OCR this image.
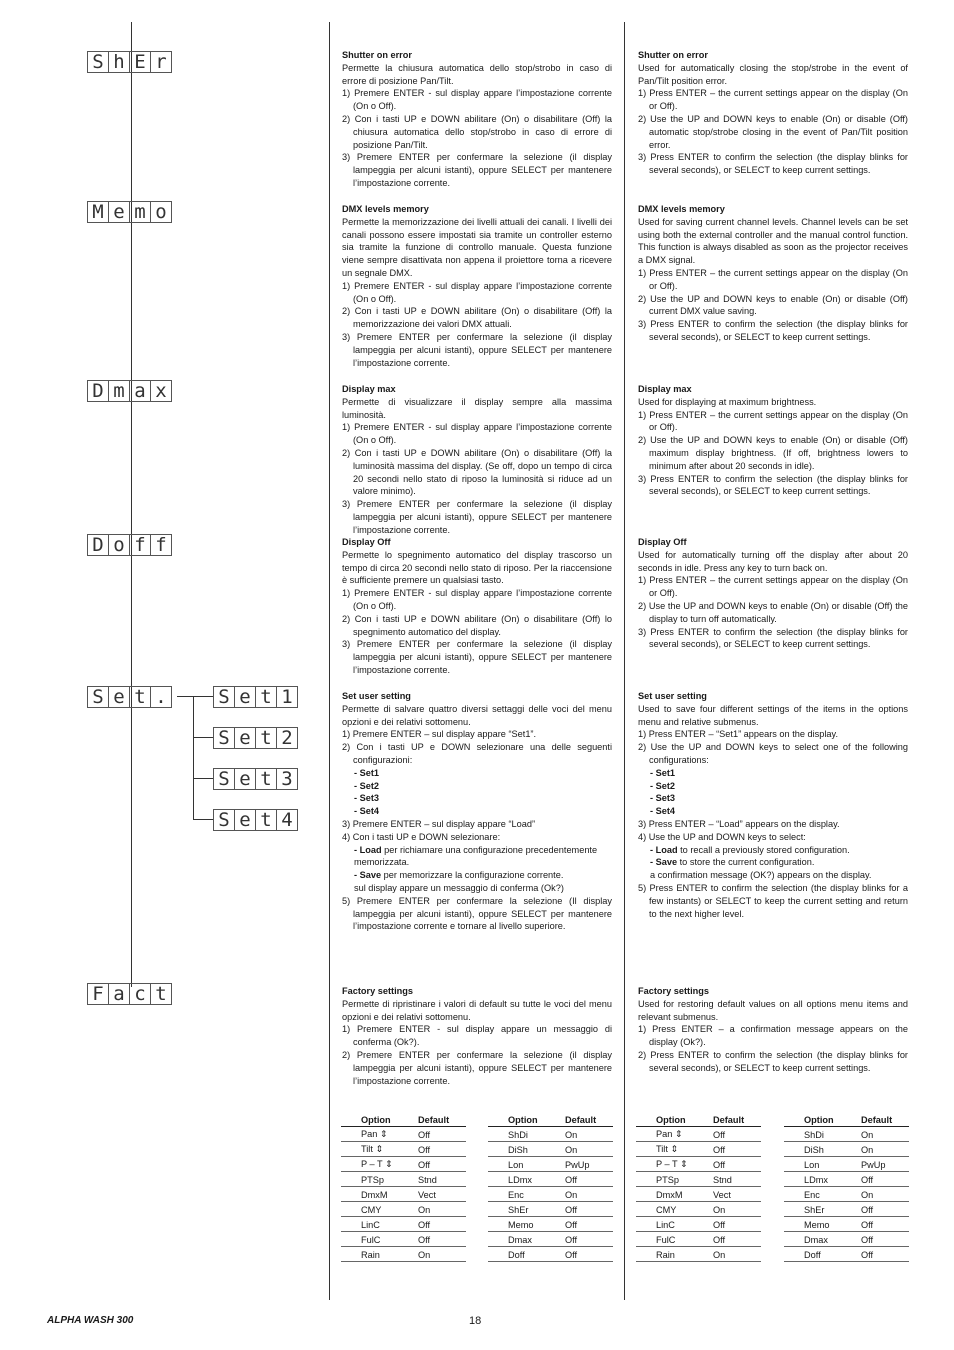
S h E r
M e m o
D m a x
D o f f
S e t .	S e t 1
S e t 2
S e t 3
S e t 4
F a c t
Shutter on error

Permette la chiusura automatica dello stop/strobo in caso di errore di posizione Pan/Tilt.

1) Premere ENTER - sul display appare l’impostazione corrente (On o Off).
2) Con i tasti UP e DOWN abilitare (On) o disabilitare (Off) la chiusura automatica dello stop/strobo in caso di errore di posizione Pan/Tilt.
3) Premere ENTER per confermare la selezione (il display lampeggia per alcuni istanti), oppure SELECT per mantenere l’impostazione corrente.
DMX levels memory

Permette la memorizzazione dei livelli attuali dei canali. I livelli dei canali possono essere impostati sia tramite un controller esterno sia tramite la funzione di controllo manuale. Questa funzione viene sempre disattivata non appena il proiettore torna a ricevere un segnale DMX.

1) Premere ENTER - sul display appare l’impostazione corrente (On o Off).
2) Con i tasti UP e DOWN abilitare (On) o disabilitare (Off) la memorizzazione dei valori DMX attuali.
3) Premere ENTER per confermare la selezione (il display lampeggia per alcuni istanti), oppure SELECT per mantenere l’impostazione corrente.
Display max

Permette di visualizzare il display sempre alla massima luminosità.

1) Premere ENTER - sul display appare l’impostazione corrente (On o Off).
2) Con i tasti UP e DOWN abilitare (On) o disabilitare (Off) la luminosità massima del display. (Se off, dopo un tempo di circa 20 secondi nello stato di riposo la luminosità si riduce ad un valore minimo).
3) Premere ENTER per confermare la selezione (il display lampeggia per alcuni istanti), oppure SELECT per mantenere l’impostazione corrente.
Display Off

Permette lo spegnimento automatico del display trascorso un tempo di circa 20 secondi nello stato di riposo. Per la riaccensione è sufficiente premere un qualsiasi tasto.

1) Premere ENTER - sul display appare l’impostazione corrente (On o Off).
2) Con i tasti UP e DOWN abilitare (On) o disabilitare (Off) lo spegnimento automatico del display.
3) Premere ENTER per confermare la selezione (il display lampeggia per alcuni istanti), oppure SELECT per mantenere l’impostazione corrente.
Set user setting

Permette di salvare quattro diversi settaggi delle voci del menu opzioni e dei relativi sottomenu.

1) Premere ENTER – sul display appare “Set1”.
2) Con i tasti UP e DOWN selezionare una delle seguenti configurazioni:
- Set1
- Set2
- Set3
- Set4
3) Premere ENTER – sul display appare “Load”
4) Con i tasti UP e DOWN selezionare:
- Load per richiamare una configurazione precedentemente memorizzata.
- Save per memorizzare la configurazione corrente.
sul display appare un messaggio di conferma (Ok?)
5) Premere ENTER per confermare la selezione (Il display lampeggia per alcuni istanti), oppure SELECT per mantenere l’impostazione corrente e tornare al livello superiore.
Factory settings

Permette di ripristinare i valori di default su tutte le voci del menu opzioni e dei relativi sottomenu.

1) Premere ENTER - sul display appare un messaggio di conferma (Ok?).
2) Premere ENTER per confermare la selezione (il display lampeggia per alcuni istanti), oppure SELECT per mantenere l’impostazione corrente.
Shutter on error

Used for automatically closing the stop/strobe in the event of Pan/Tilt position error.

1) Press ENTER – the current settings appear on the display (On or Off).
2) Use the UP and DOWN keys to enable (On) or disable (Off) automatic stop/strobe closing in the event of Pan/Tilt position error.
3) Press ENTER to confirm the selection (the display blinks for several seconds), or SELECT to keep current settings.
DMX levels memory

Used for saving current channel levels. Channel levels can be set using both the external controller and the manual control function. This function is always disabled as soon as the projector receives a DMX signal.

1) Press ENTER – the current settings appear on the display (On or Off).
2) Use the UP and DOWN keys to enable (On) or disable (Off) current DMX value saving.
3) Press ENTER to confirm the selection (the display blinks for several seconds), or SELECT to keep current settings.
Display max

Used for displaying at maximum brightness.

1) Press ENTER – the current settings appear on the display (On or Off).
2) Use the UP and DOWN keys to enable (On) or disable (Off) maximum display brightness. (If off, brightness lowers to minimum after about 20 seconds in idle).
3) Press ENTER to confirm the selection (the display blinks for several seconds), or SELECT to keep current settings.
Display Off

Used for automatically turning off the display after about 20 seconds in idle. Press any key to turn back on.

1) Press ENTER – the current settings appear on the display (On or Off).
2) Use the UP and DOWN keys to enable (On) or disable (Off) the display to turn off automatically.
3) Press ENTER to confirm the selection (the display blinks for several seconds), or SELECT to keep current settings.
Set user setting

Used to save four different settings of the items in the options menu and relative submenus.

1) Press ENTER – “Set1” appears on the display.
2) Use the UP and DOWN keys to select one of the following configurations:
- Set1
- Set2
- Set3
- Set4
3) Press ENTER – “Load” appears on the display.
4) Use the UP and DOWN keys to select:
- Load to recall a previously stored configuration.
- Save to store the current configuration.
a confirmation message (OK?) appears on the display.
5) Press ENTER to confirm the selection (the display blinks for a few instants) or SELECT to keep the current setting and return to the next higher level.
Factory settings

Used for restoring default values on all options menu items and relevant submenus.

1) Press ENTER – a confirmation message appears on the display (Ok?).
2) Press ENTER to confirm the selection (the display blinks for several seconds), or SELECT to keep current settings.
Option	Default
Pan ⇕	Off
Tilt ⇕	Off
P – T ⇕	Off
PTSp	Stnd
DmxM	Vect
CMY	On
LinC	Off
FulC	Off
Rain	On
Option	Default
ShDi	On
DiSh	On
Lon	PwUp
LDmx	Off
Enc	On
ShEr	Off
Memo	Off
Dmax	Off
Doff	Off
Option	Default
Pan ⇕	Off
Tilt ⇕	Off
P – T ⇕	Off
PTSp	Stnd
DmxM	Vect
CMY	On
LinC	Off
FulC	Off
Rain	On
Option	Default
ShDi	On
DiSh	On
Lon	PwUp
LDmx	Off
Enc	On
ShEr	Off
Memo	Off
Dmax	Off
Doff	Off
ALPHA WASH 300	18
